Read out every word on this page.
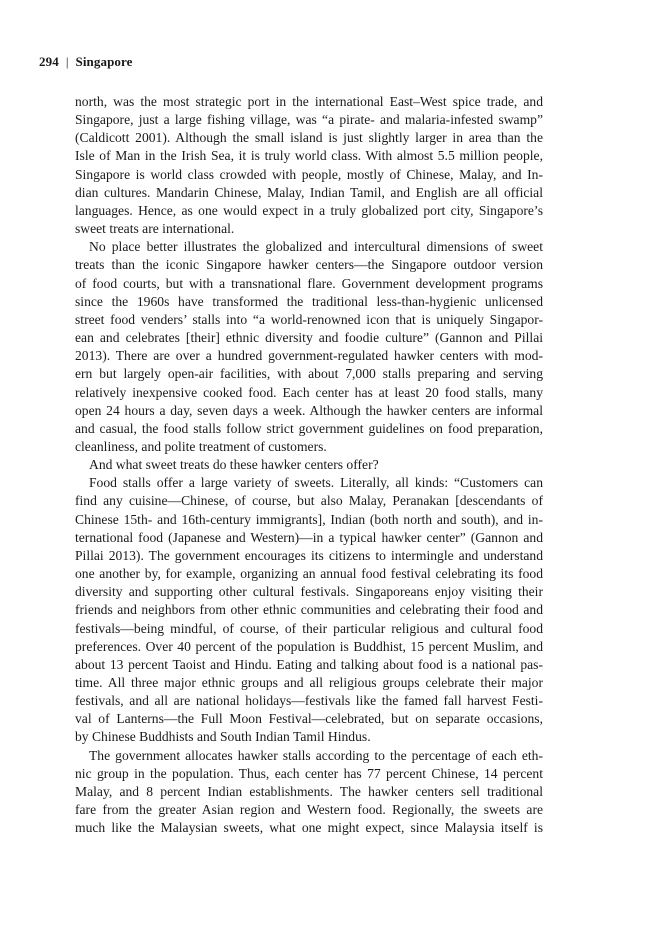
294 | Singapore
north, was the most strategic port in the international East–West spice trade, and
Singapore, just a large fishing village, was “a pirate- and malaria-infested swamp”
(Caldicott 2001). Although the small island is just slightly larger in area than the
Isle of Man in the Irish Sea, it is truly world class. With almost 5.5 million people,
Singapore is world class crowded with people, mostly of Chinese, Malay, and In-
dian cultures. Mandarin Chinese, Malay, Indian Tamil, and English are all official
languages. Hence, as one would expect in a truly globalized port city, Singapore’s
sweet treats are international.
No place better illustrates the globalized and intercultural dimensions of sweet
treats than the iconic Singapore hawker centers—the Singapore outdoor version
of food courts, but with a transnational flare. Government development programs
since the 1960s have transformed the traditional less-than-hygienic unlicensed
street food venders’ stalls into “a world-renowned icon that is uniquely Singapor-
ean and celebrates [their] ethnic diversity and foodie culture” (Gannon and Pillai
2013). There are over a hundred government-regulated hawker centers with mod-
ern but largely open-air facilities, with about 7,000 stalls preparing and serving
relatively inexpensive cooked food. Each center has at least 20 food stalls, many
open 24 hours a day, seven days a week. Although the hawker centers are informal
and casual, the food stalls follow strict government guidelines on food preparation,
cleanliness, and polite treatment of customers.
And what sweet treats do these hawker centers offer?
Food stalls offer a large variety of sweets. Literally, all kinds: “Customers can
find any cuisine—Chinese, of course, but also Malay, Peranakan [descendants of
Chinese 15th- and 16th-century immigrants], Indian (both north and south), and in-
ternational food (Japanese and Western)—in a typical hawker center” (Gannon and
Pillai 2013). The government encourages its citizens to intermingle and understand
one another by, for example, organizing an annual food festival celebrating its food
diversity and supporting other cultural festivals. Singaporeans enjoy visiting their
friends and neighbors from other ethnic communities and celebrating their food and
festivals—being mindful, of course, of their particular religious and cultural food
preferences. Over 40 percent of the population is Buddhist, 15 percent Muslim, and
about 13 percent Taoist and Hindu. Eating and talking about food is a national pas-
time. All three major ethnic groups and all religious groups celebrate their major
festivals, and all are national holidays—festivals like the famed fall harvest Festi-
val of Lanterns—the Full Moon Festival—celebrated, but on separate occasions,
by Chinese Buddhists and South Indian Tamil Hindus.
The government allocates hawker stalls according to the percentage of each eth-
nic group in the population. Thus, each center has 77 percent Chinese, 14 percent
Malay, and 8 percent Indian establishments. The hawker centers sell traditional
fare from the greater Asian region and Western food. Regionally, the sweets are
much like the Malaysian sweets, what one might expect, since Malaysia itself is
